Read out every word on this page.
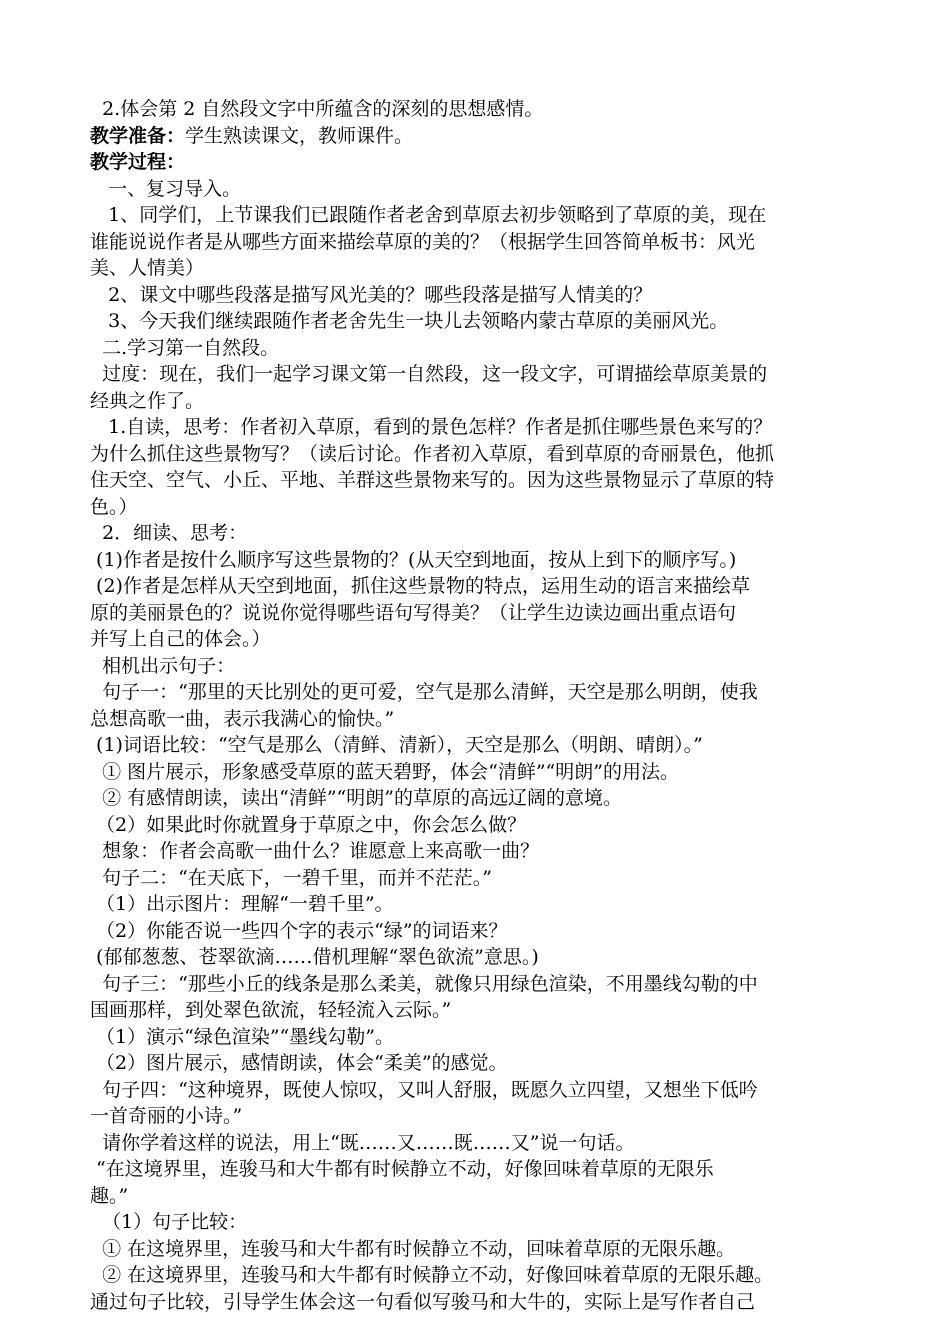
2.体会第 2 自然段文字中所蕴含的深刻的思想感情。
教学准备：学生熟读课文，教师课件。
教学过程：
一、复习导入。
1、同学们，上节课我们已跟随作者老舍到草原去初步领略到了草原的美，现在
谁能说说作者是从哪些方面来描绘草原的美的？（根据学生回答简单板书：风光
美、人情美）
2、课文中哪些段落是描写风光美的？哪些段落是描写人情美的？
3、今天我们继续跟随作者老舍先生一块儿去领略内蒙古草原的美丽风光。
二.学习第一自然段。
过度：现在，我们一起学习课文第一自然段，这一段文字，可谓描绘草原美景的
经典之作了。
1.自读，思考：作者初入草原，看到的景色怎样？作者是抓住哪些景色来写的？
为什么抓住这些景物写？（读后讨论。作者初入草原，看到草原的奇丽景色，他抓
住天空、空气、小丘、平地、羊群这些景物来写的。因为这些景物显示了草原的特
色。）
2．细读、思考：
(1)作者是按什么顺序写这些景物的？(从天空到地面，按从上到下的顺序写。)
(2)作者是怎样从天空到地面，抓住这些景物的特点，运用生动的语言来描绘草
原的美丽景色的？说说你觉得哪些语句写得美？（让学生边读边画出重点语句
并写上自己的体会。）
相机出示句子：
句子一：“那里的天比别处的更可爱，空气是那么清鲜，天空是那么明朗，使我
总想高歌一曲，表示我满心的愉快。”
(1)词语比较：“空气是那么（清鲜、清新），天空是那么（明朗、晴朗）。”
① 图片展示，形象感受草原的蓝天碧野，体会“清鲜”“明朗”的用法。
② 有感情朗读，读出“清鲜”“明朗”的草原的高远辽阔的意境。
（2）如果此时你就置身于草原之中，你会怎么做？
想象：作者会高歌一曲什么？谁愿意上来高歌一曲？
句子二：“在天底下，一碧千里，而并不茫茫。”
（1）出示图片：理解“一碧千里”。
（2）你能否说一些四个字的表示“绿”的词语来？
(郁郁葱葱、苍翠欲滴……借机理解“翠色欲流”意思。)
句子三：“那些小丘的线条是那么柔美，就像只用绿色渲染，不用墨线勾勒的中
国画那样，到处翠色欲流，轻轻流入云际。”
（1）演示“绿色渲染”“墨线勾勒”。
（2）图片展示，感情朗读，体会“柔美”的感觉。
句子四：“这种境界，既使人惊叹，又叫人舒服，既愿久立四望，又想坐下低吟
一首奇丽的小诗。”
请你学着这样的说法，用上“既……又……既……又”说一句话。
“在这境界里，连骏马和大牛都有时候静立不动，好像回味着草原的无限乐
趣。”
（1）句子比较：
① 在这境界里，连骏马和大牛都有时候静立不动，回味着草原的无限乐趣。
② 在这境界里，连骏马和大牛都有时候静立不动，好像回味着草原的无限乐趣。
通过句子比较，引导学生体会这一句看似写骏马和大牛的，实际上是写作者自己
